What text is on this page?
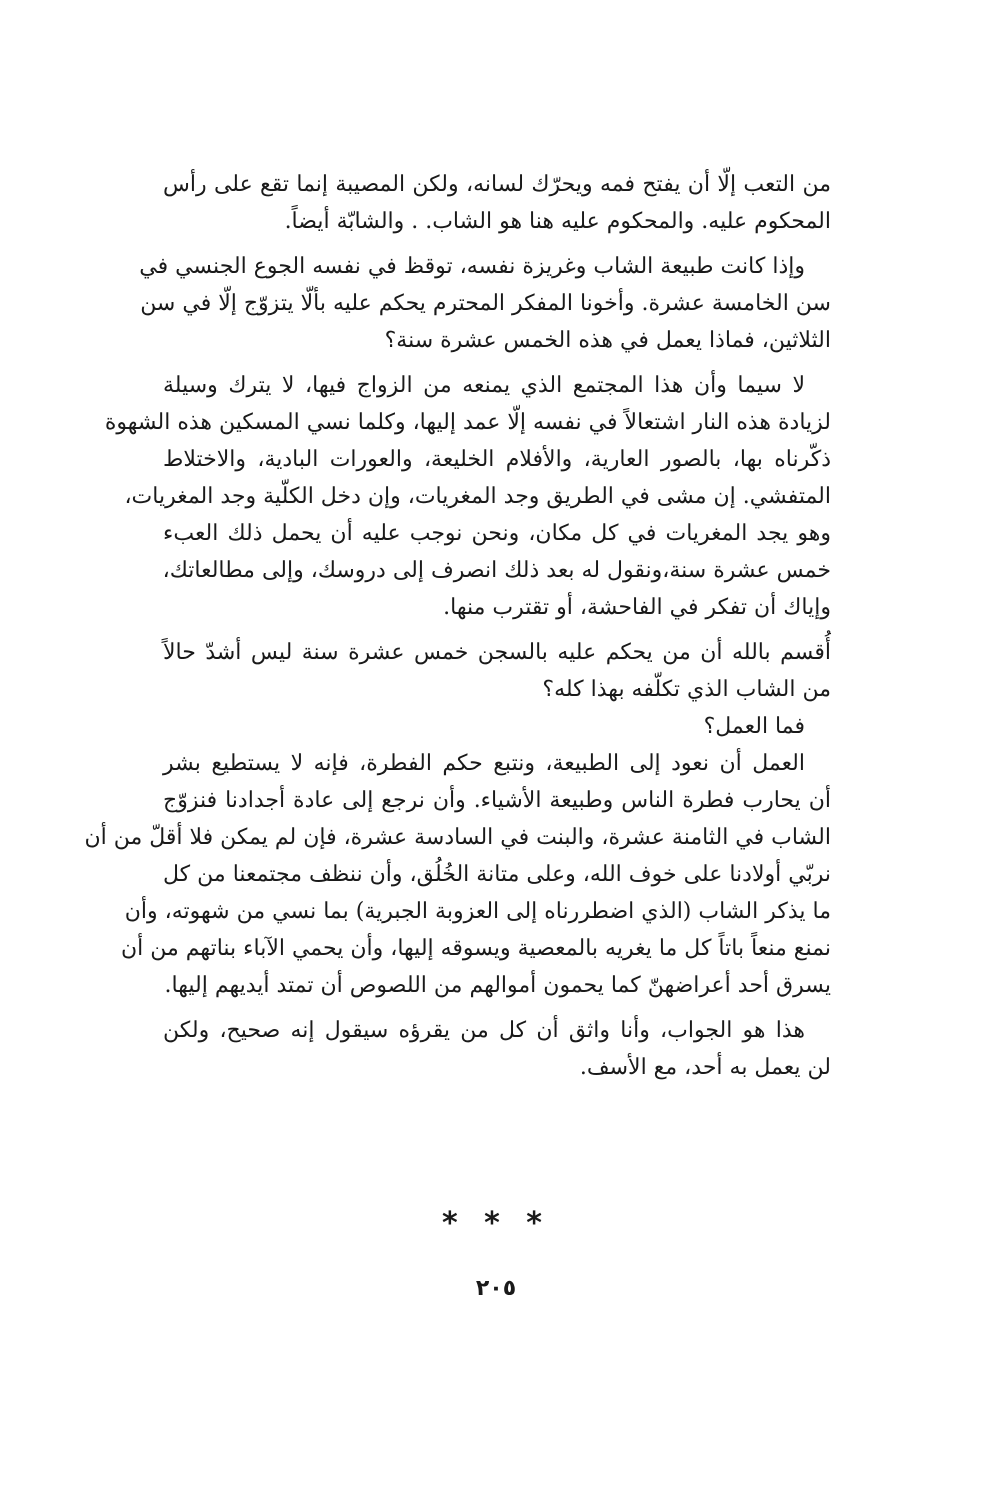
من التعب إلّا أن يفتح فمه ويحرّك لسانه، ولكن المصيبة إنما تقع على رأس
المحكوم عليه. والمحكوم عليه هنا هو الشاب. . والشابّة أيضاً.
وإذا كانت طبيعة الشاب وغريزة نفسه، توقظ في نفسه الجوع الجنسي في
سن الخامسة عشرة. وأخونا المفكر المحترم يحكم عليه بألّا يتزوّج إلّا في سن
الثلاثين، فماذا يعمل في هذه الخمس عشرة سنة؟
لا سيما وأن هذا المجتمع الذي يمنعه من الزواج فيها، لا يترك وسيلة
لزيادة هذه النار اشتعالاً في نفسه إلّا عمد إليها، وكلما نسي المسكين هذه الشهوة
ذكّرناه بها، بالصور العارية، والأفلام الخليعة، والعورات البادية، والاختلاط
المتفشي. إن مشى في الطريق وجد المغريات، وإن دخل الكلّية وجد المغريات،
وهو يجد المغريات في كل مكان، ونحن نوجب عليه أن يحمل ذلك العبء
خمس عشرة سنة،ونقول له بعد ذلك انصرف إلى دروسك، وإلى مطالعاتك،
وإياك أن تفكر في الفاحشة، أو تقترب منها.
أُقسم بالله أن من يحكم عليه بالسجن خمس عشرة سنة ليس أشدّ حالاً
من الشاب الذي تكلّفه بهذا كله؟
فما العمل؟
العمل أن نعود إلى الطبيعة، ونتبع حكم الفطرة، فإنه لا يستطيع بشر
أن يحارب فطرة الناس وطبيعة الأشياء. وأن نرجع إلى عادة أجدادنا فنزوّج
الشاب في الثامنة عشرة، والبنت في السادسة عشرة، فإن لم يمكن فلا أقلّ من أن
نربّي أولادنا على خوف الله، وعلى متانة الخُلُق، وأن ننظف مجتمعنا من كل
ما يذكر الشاب (الذي اضطررناه إلى العزوبة الجبرية) بما نسي من شهوته، وأن
نمنع منعاً باتاً كل ما يغريه بالمعصية ويسوقه إليها، وأن يحمي الآباء بناتهم من أن
يسرق أحد أعراضهنّ كما يحمون أموالهم من اللصوص أن تمتد أيديهم إليها.
هذا هو الجواب، وأنا واثق أن كل من يقرؤه سيقول إنه صحيح، ولكن
لن يعمل به أحد، مع الأسف.
* * *
٢٠٥
